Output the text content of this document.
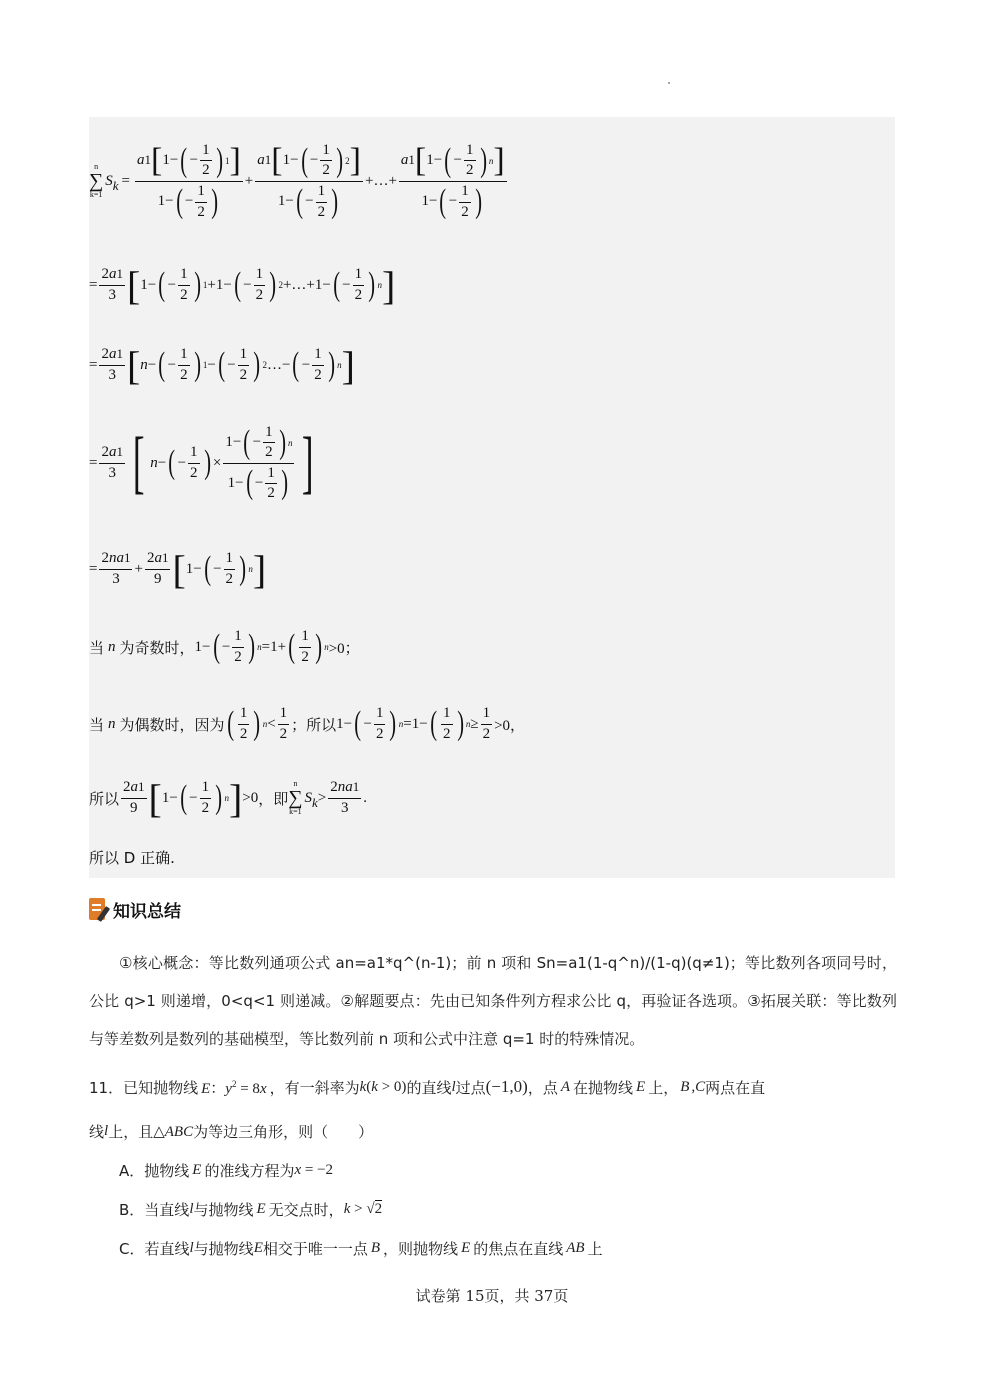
n
∑
k=1
S $k = \frac{a 1 [ 1- ( - \frac{1}{2} ) 1 ]}{1- ( - \frac{1}{2} )} + \frac{a 1 [ 1- ( - \frac{1}{2} ) 2 ]}{1- ( - \frac{1}{2} )}$ +…+ $\frac{a 1 [ 1- ( - \frac{1}{2} ) n ]}{1- ( - \frac{1}{2} )}$
= $\frac{2a1}{3}$ [ 1− ( − $\frac{1}{2}$ ) 1 +1− ( − $\frac{1}{2}$ ) 2 +…+1− ( − $\frac{1}{2}$ ) n ]
= $\frac{2a1}{3}$ [ n − ( − $\frac{1}{2}$ ) 1 − ( − $\frac{1}{2}$ ) 2 …− ( − $\frac{1}{2}$ ) n ]
= $\frac{2a1}{3}$ [ n − ( − $\frac{1}{2}$ ) × $\frac{1- ( - \frac{1}{2} ) n}{1- ( - \frac{1}{2} )}$ ]
= $\frac{2na1}{3} + \frac{2a1}{9}$ [ 1− ( − $\frac{1}{2}$ ) n ]
当 n 为奇数时， 1− ( − $\frac{1}{2}$ ) n =1+ ( $\frac{1}{2}$ ) n >0；
当 n 为偶数时，因为 ( $\frac{1}{2}$ ) $n < \frac{1}{2}$ ；所以 1− ( − $\frac{1}{2}$ ) n =1− ( $\frac{1}{2}$ ) $n \ge \frac{1}{2} >0$，
所以 $\frac{2a1}{9}$ [ 1− ( − $\frac{1}{2}$ ) n ] >0 ，即
n
∑
k=1
S $k > \frac{2na1}{3}$ .
所以 D 正确.
知识总结
①核心概念：等比数列通项公式 an=a1*q^(n-1)；前 n 项和 Sn=a1(1-q^n)/(1-q)(q≠1)；等比数列各项同号时，公比 q>1 则递增，0<q<1 则递减。②解题要点：先由已知条件列方程求公比 q，再验证各选项。③拓展关联：等比数列与等差数列是数列的基础模型，等比数列前 n 项和公式中注意 q=1 时的特殊情况。
11． 已知抛物线 E：$y^2 = 8x$ ，有一斜率为 k(k > 0) 的直线 l 过点 (−1,0) ，点 A 在抛物线 E 上， B , C 两点在直
线 l 上，且 △ABC 为等边三角形，则（　　）
A． 抛物线 E 的准线方程为 x = −2
B． 当直线 l 与抛物线 E 无交点时， k > √2
C． 若直线 l 与抛物线 E 相交于唯一一点 B ，则抛物线 E 的焦点在直线 AB 上
试卷第 15页，共 37页
